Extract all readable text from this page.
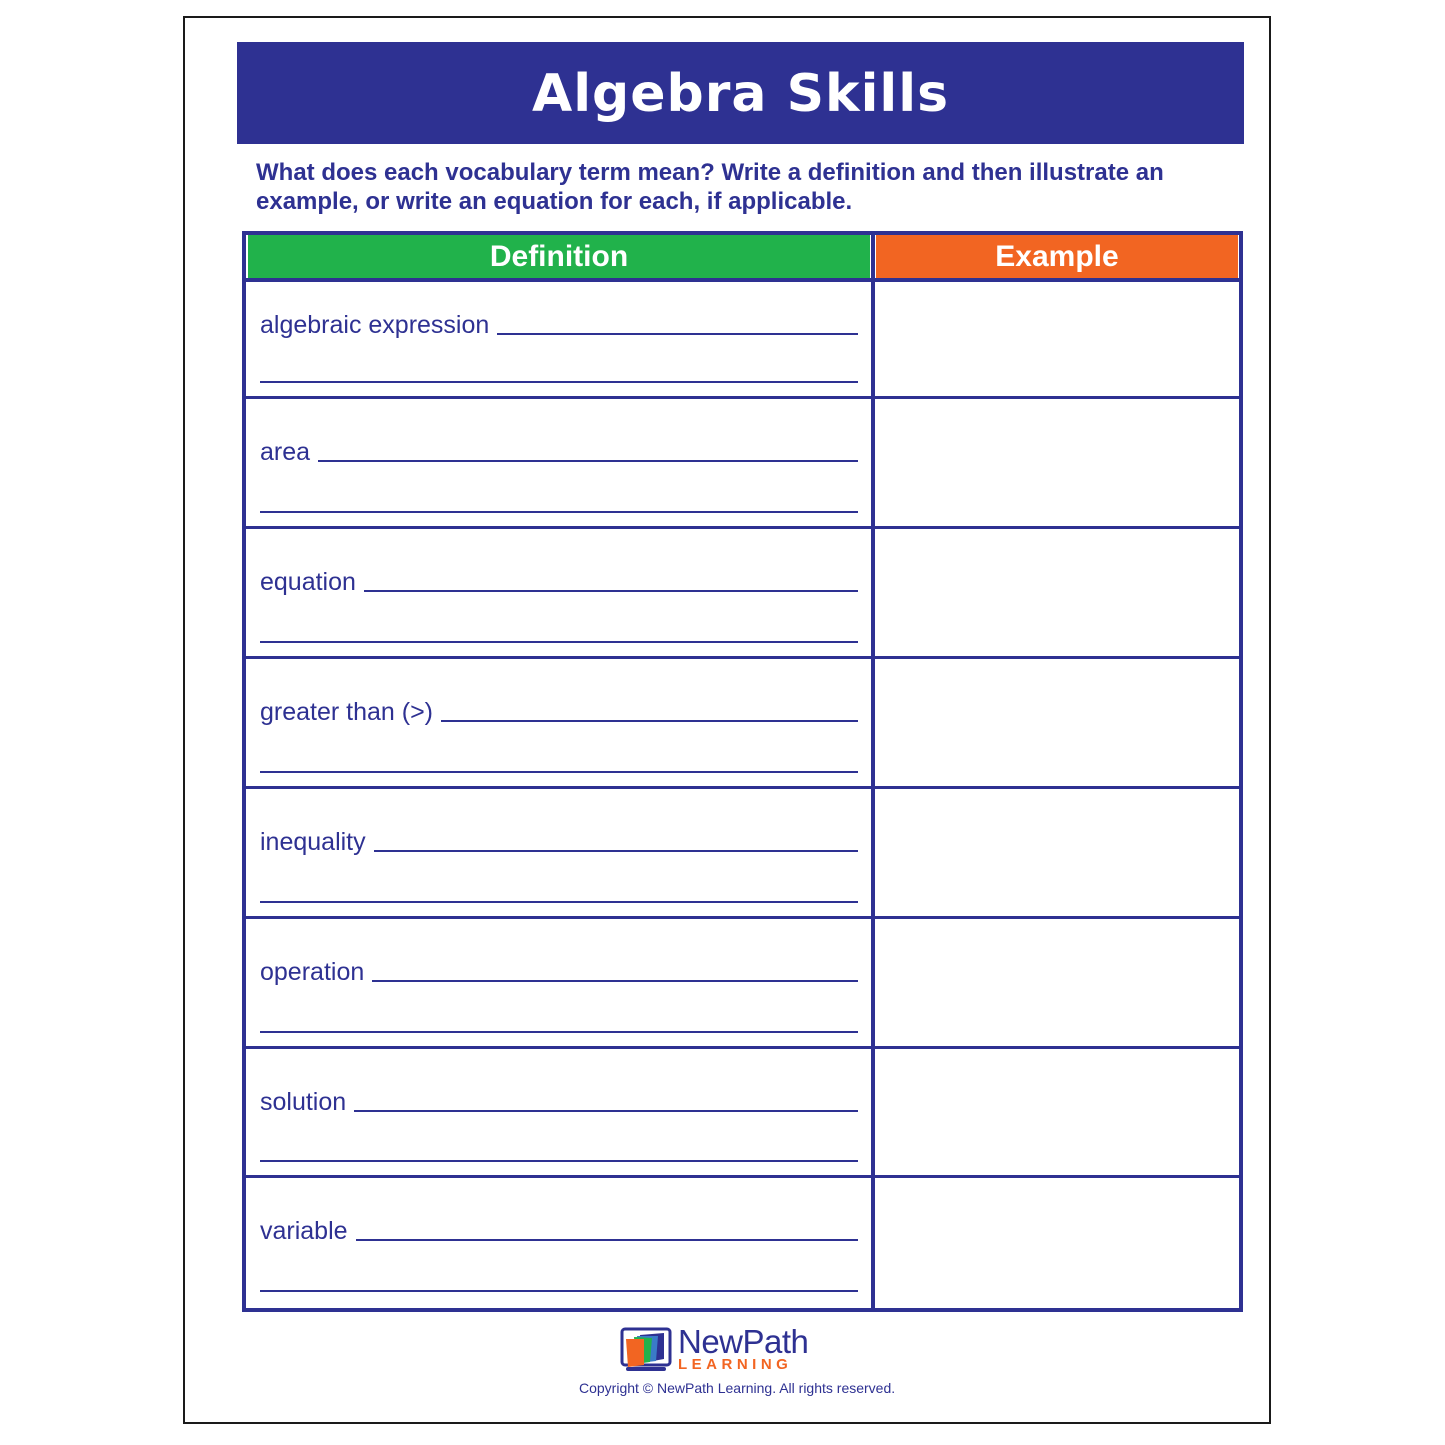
Algebra Skills
What does each vocabulary term mean? Write a definition and then illustrate an example, or write an equation for each, if applicable.
Definition	Example
algebraic expression
area
equation
greater than (>)
inequality
operation
solution
variable
NewPath
LEARNING
Copyright © NewPath Learning. All rights reserved.
